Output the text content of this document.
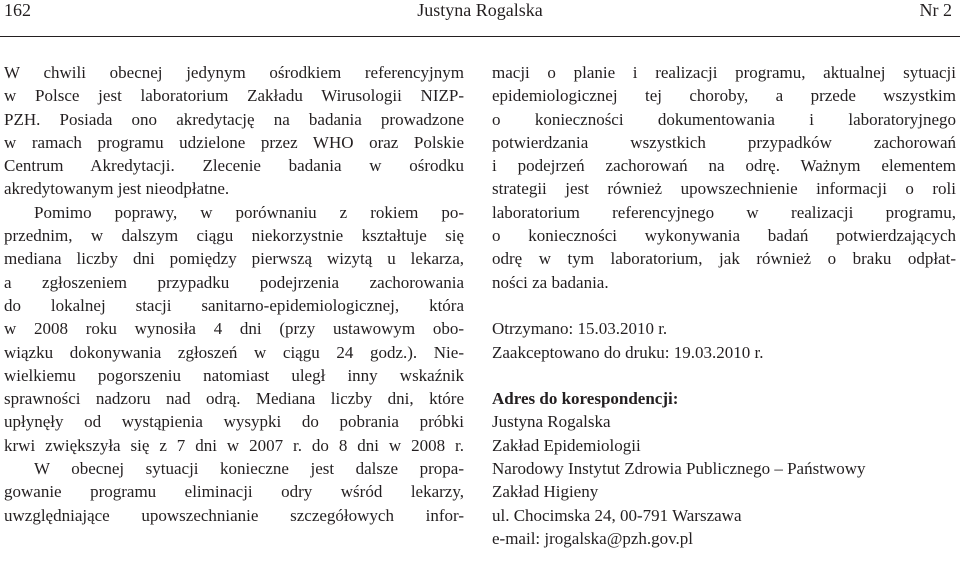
162	Justyna Rogalska	Nr 2
W chwili obecnej jedynym ośrodkiem referencyjnym
w Polsce jest laboratorium Zakładu Wirusologii NIZP-
PZH. Posiada ono akredytację na badania prowadzone
w ramach programu udzielone przez WHO oraz Polskie
Centrum Akredytacji. Zlecenie badania w ośrodku
akredytowanym jest nieodpłatne.
Pomimo poprawy, w porównaniu z rokiem po-
przednim, w dalszym ciągu niekorzystnie kształtuje się
mediana liczby dni pomiędzy pierwszą wizytą u lekarza,
a zgłoszeniem przypadku podejrzenia zachorowania
do lokalnej stacji sanitarno-epidemiologicznej, która
w 2008 roku wynosiła 4 dni (przy ustawowym obo-
wiązku dokonywania zgłoszeń w ciągu 24 godz.). Nie-
wielkiemu pogorszeniu natomiast uległ inny wskaźnik
sprawności nadzoru nad odrą. Mediana liczby dni, które
upłynęły od wystąpienia wysypki do pobrania próbki
krwi zwiększyła się z 7 dni w 2007 r. do 8 dni w 2008 r.
W obecnej sytuacji konieczne jest dalsze propa-
gowanie programu eliminacji odry wśród lekarzy,
uwzględniające upowszechnianie szczegółowych infor-
macji o planie i realizacji programu, aktualnej sytuacji
epidemiologicznej tej choroby, a przede wszystkim
o konieczności dokumentowania i laboratoryjnego
potwierdzania wszystkich przypadków zachorowań
i podejrzeń zachorowań na odrę. Ważnym elementem
strategii jest również upowszechnienie informacji o roli
laboratorium referencyjnego w realizacji programu,
o konieczności wykonywania badań potwierdzających
odrę w tym laboratorium, jak również o braku odpłat-
ności za badania.
Otrzymano: 15.03.2010 r.
Zaakceptowano do druku: 19.03.2010 r.
Adres do korespondencji:
Justyna Rogalska
Zakład Epidemiologii
Narodowy Instytut Zdrowia Publicznego – Państwowy
Zakład Higieny
ul. Chocimska 24, 00-791 Warszawa
e-mail: jrogalska@pzh.gov.pl
